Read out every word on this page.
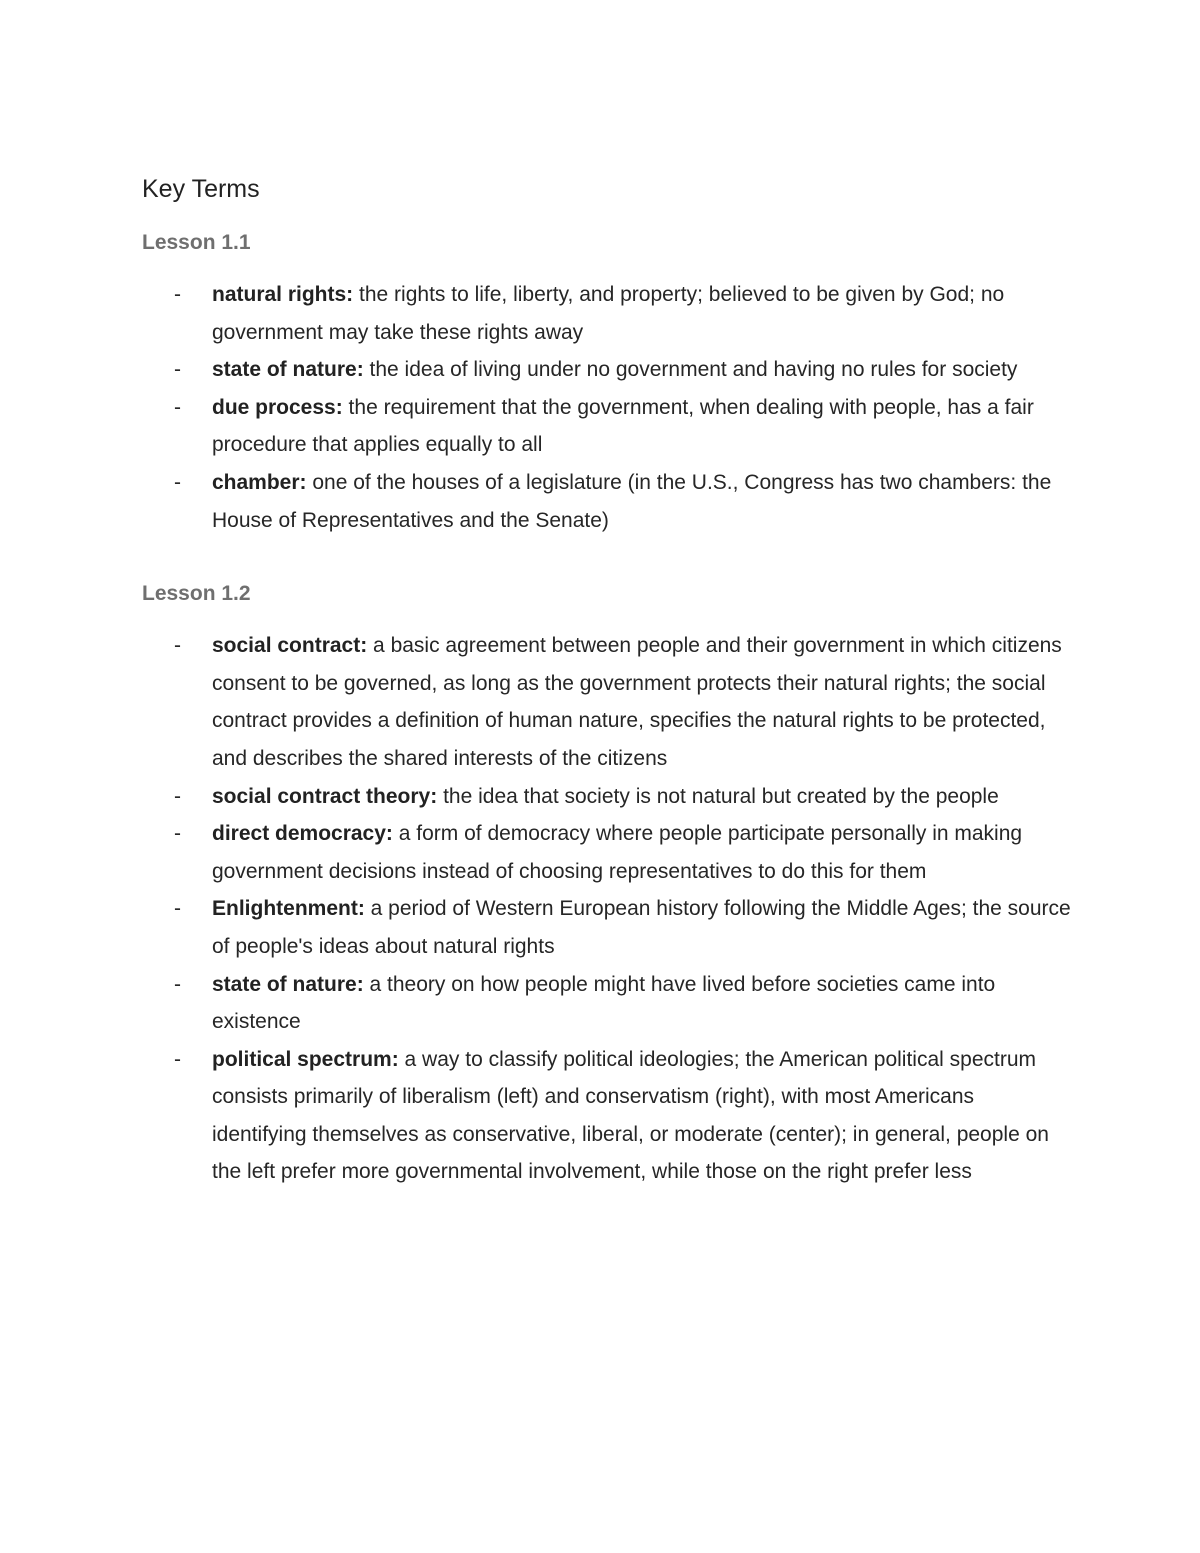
Key Terms
Lesson 1.1
- natural rights: the rights to life, liberty, and property; believed to be given by God; no government may take these rights away
- state of nature: the idea of living under no government and having no rules for society
- due process: the requirement that the government, when dealing with people, has a fair procedure that applies equally to all
- chamber: one of the houses of a legislature (in the U.S., Congress has two chambers: the House of Representatives and the Senate)
Lesson 1.2
- social contract: a basic agreement between people and their government in which citizens consent to be governed, as long as the government protects their natural rights; the social contract provides a definition of human nature, specifies the natural rights to be protected, and describes the shared interests of the citizens
- social contract theory: the idea that society is not natural but created by the people
- direct democracy: a form of democracy where people participate personally in making government decisions instead of choosing representatives to do this for them
- Enlightenment: a period of Western European history following the Middle Ages; the source of people's ideas about natural rights
- state of nature: a theory on how people might have lived before societies came into existence
- political spectrum: a way to classify political ideologies; the American political spectrum consists primarily of liberalism (left) and conservatism (right), with most Americans identifying themselves as conservative, liberal, or moderate (center); in general, people on the left prefer more governmental involvement, while those on the right prefer less
